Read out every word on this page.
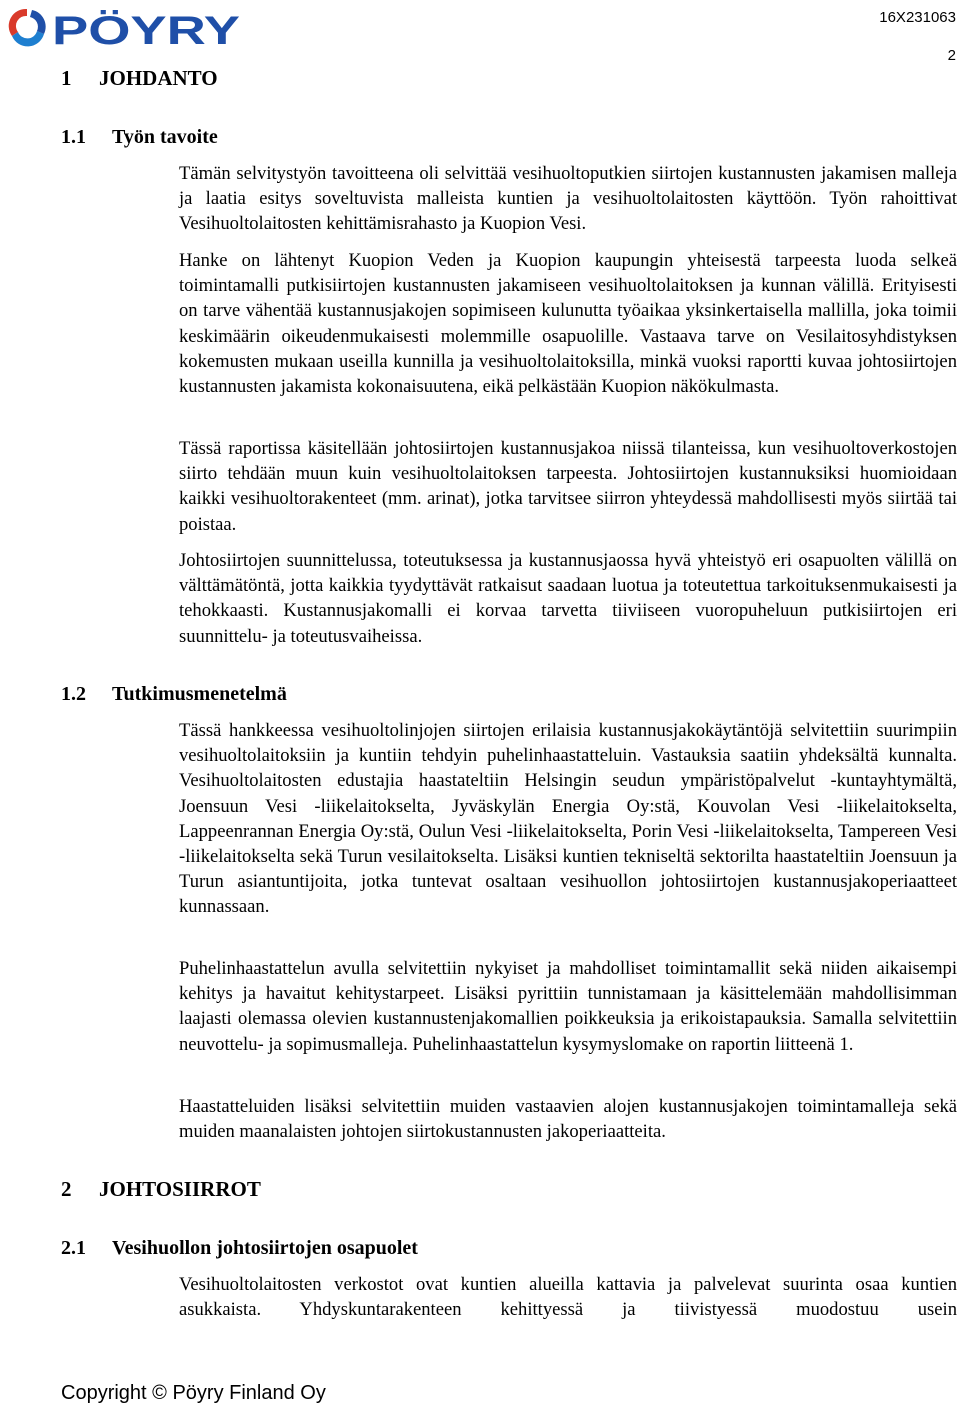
PÖYRY	16X231063
2
1 JOHDANTO
1.1 Työn tavoite

Tämän selvitystyön tavoitteena oli selvittää vesihuoltoputkien siirtojen kustannusten jakamisen malleja ja laatia esitys soveltuvista malleista kuntien ja vesihuoltolaitosten käyttöön. Työn rahoittivat Vesihuoltolaitosten kehittämisrahasto ja Kuopion Vesi.

Hanke on lähtenyt Kuopion Veden ja Kuopion kaupungin yhteisestä tarpeesta luoda selkeä toimintamalli putkisiirtojen kustannusten jakamiseen vesihuoltolaitoksen ja kunnan välillä. Erityisesti on tarve vähentää kustannusjakojen sopimiseen kulunutta työaikaa yksinkertaisella mallilla, joka toimii keskimäärin oikeudenmukaisesti molemmille osapuolille. Vastaava tarve on Vesilaitosyhdistyksen kokemusten mukaan useilla kunnilla ja vesihuoltolaitoksilla, minkä vuoksi raportti kuvaa johtosiirtojen kustannusten jakamista kokonaisuutena, eikä pelkästään Kuopion näkökulmasta.

Tässä raportissa käsitellään johtosiirtojen kustannusjakoa niissä tilanteissa, kun vesihuoltoverkostojen siirto tehdään muun kuin vesihuoltolaitoksen tarpeesta. Johtosiirtojen kustannuksiksi huomioidaan kaikki vesihuoltorakenteet (mm. arinat), jotka tarvitsee siirron yhteydessä mahdollisesti myös siirtää tai poistaa.

Johtosiirtojen suunnittelussa, toteutuksessa ja kustannusjaossa hyvä yhteistyö eri osapuolten välillä on välttämätöntä, jotta kaikkia tyydyttävät ratkaisut saadaan luotua ja toteutettua tarkoituksenmukaisesti ja tehokkaasti. Kustannusjakomalli ei korvaa tarvetta tiiviiseen vuoropuheluun putkisiirtojen eri suunnittelu- ja toteutusvaiheissa.

1.2 Tutkimusmenetelmä

Tässä hankkeessa vesihuoltolinjojen siirtojen erilaisia kustannusjakokäytäntöjä selvitettiin suurimpiin vesihuoltolaitoksiin ja kuntiin tehdyin puhelinhaastatteluin. Vastauksia saatiin yhdeksältä kunnalta. Vesihuoltolaitosten edustajia haastateltiin Helsingin seudun ympäristöpalvelut -kuntayhtymältä, Joensuun Vesi -liikelaitokselta, Jyväskylän Energia Oy:stä, Kouvolan Vesi -liikelaitokselta, Lappeenrannan Energia Oy:stä, Oulun Vesi -liikelaitokselta, Porin Vesi -liikelaitokselta, Tampereen Vesi -liikelaitokselta sekä Turun vesilaitokselta. Lisäksi kuntien tekniseltä sektorilta haastateltiin Joensuun ja Turun asiantuntijoita, jotka tuntevat osaltaan vesihuollon johtosiirtojen kustannusjakoperiaatteet kunnassaan.

Puhelinhaastattelun avulla selvitettiin nykyiset ja mahdolliset toimintamallit sekä niiden aikaisempi kehitys ja havaitut kehitystarpeet. Lisäksi pyrittiin tunnistamaan ja käsittelemään mahdollisimman laajasti olemassa olevien kustannustenjakomallien poikkeuksia ja erikoistapauksia. Samalla selvitettiin neuvottelu- ja sopimusmalleja. Puhelinhaastattelun kysymyslomake on raportin liitteenä 1.

Haastatteluiden lisäksi selvitettiin muiden vastaavien alojen kustannusjakojen toimintamalleja sekä muiden maanalaisten johtojen siirtokustannusten jakoperiaatteita.

2 JOHTOSIIRROT
2.1 Vesihuollon johtosiirtojen osapuolet

Vesihuoltolaitosten verkostot ovat kuntien alueilla kattavia ja palvelevat suurinta osaa kuntien asukkaista. Yhdyskuntarakenteen kehittyessä ja tiivistyessä muodostuu usein

Copyright © Pöyry Finland Oy
